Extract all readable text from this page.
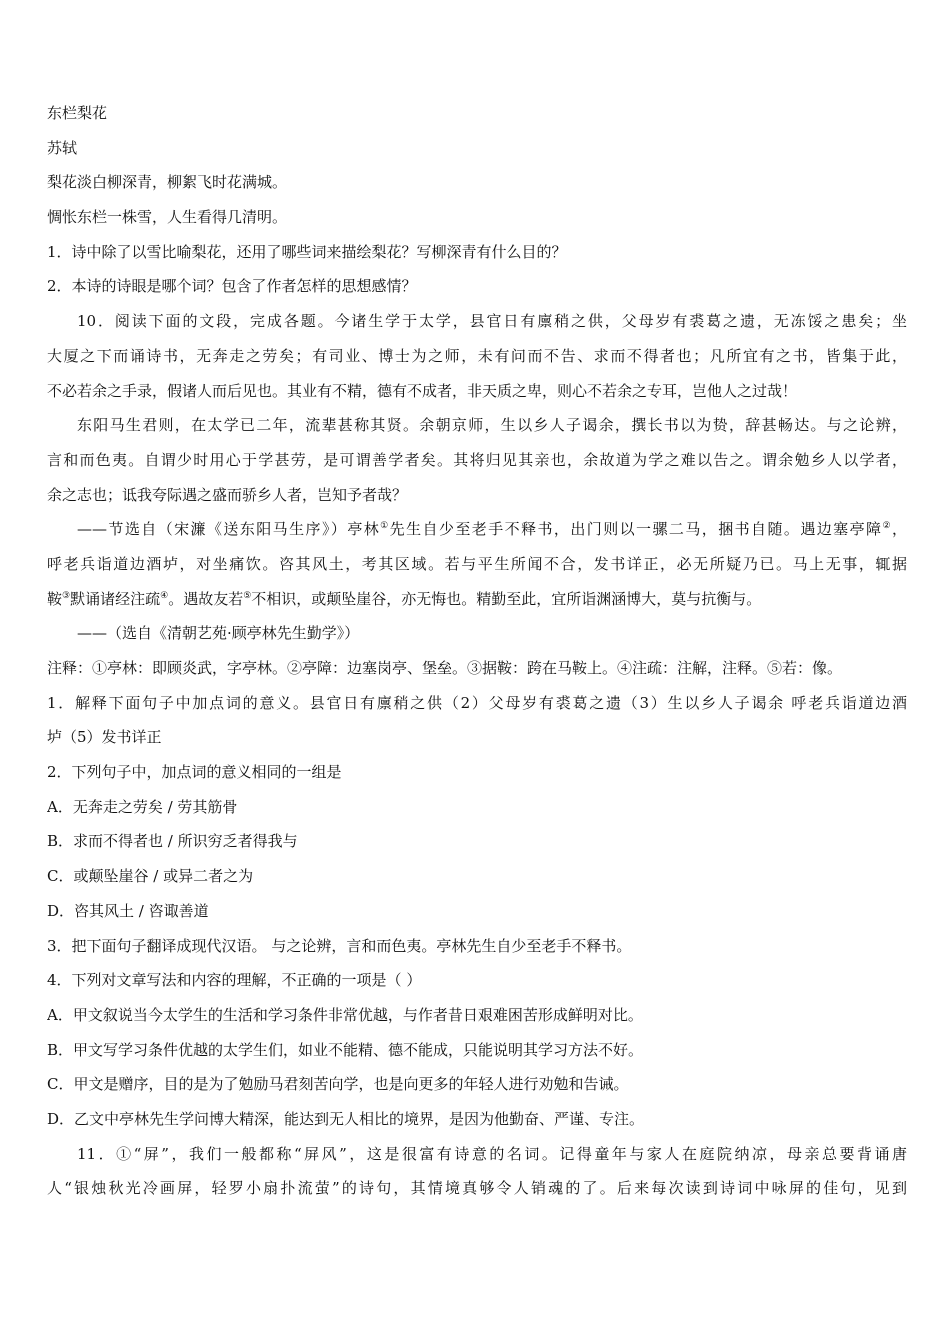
东栏梨花
苏轼
梨花淡白柳深青，柳絮飞时花满城。
惆怅东栏一株雪，人生看得几清明。
1．诗中除了以雪比喻梨花，还用了哪些词来描绘梨花？写柳深青有什么目的？
2．本诗的诗眼是哪个词？包含了作者怎样的思想感情？
10．阅读下面的文段，完成各题。今诸生学于太学，县官日有廪稍之供，父母岁有裘葛之遗，无冻馁之患矣；坐
大厦之下而诵诗书，无奔走之劳矣；有司业、博士为之师，未有问而不告、求而不得者也；凡所宜有之书，皆集于此，
不必若余之手录，假诸人而后见也。其业有不精，德有不成者，非天质之卑，则心不若余之专耳，岂他人之过哉！
东阳马生君则，在太学已二年，流辈甚称其贤。余朝京师，生以乡人子谒余，撰长书以为贽，辞甚畅达。与之论辨，
言和而色夷。自谓少时用心于学甚劳，是可谓善学者矣。其将归见其亲也，余故道为学之难以告之。谓余勉乡人以学者，
余之志也；诋我夸际遇之盛而骄乡人者，岂知予者哉？
——节选自（宋濂《送东阳马生序》）亭林①先生自少至老手不释书，出门则以一骡二马，捆书自随。遇边塞亭障②，
呼老兵诣道边酒垆，对坐痛饮。咨其风土，考其区域。若与平生所闻不合，发书详正，必无所疑乃已。马上无事，辄据
鞍③默诵诸经注疏④。遇故友若⑤不相识，或颠坠崖谷，亦无悔也。精勤至此，宜所诣渊涵博大，莫与抗衡与。
——（选自《清朝艺苑·顾亭林先生勤学》）
注释：①亭林：即顾炎武，字亭林。②亭障：边塞岗亭、堡垒。③据鞍：跨在马鞍上。④注疏：注解，注释。⑤若：像。
1．解释下面句子中加点词的意义。县官日有廪稍之供（2）父母岁有裘葛之遗（3）生以乡人子谒余 呼老兵诣道边酒
垆（5）发书详正
2．下列句子中，加点词的意义相同的一组是
A．无奔走之劳矣 / 劳其筋骨
B．求而不得者也 / 所识穷乏者得我与
C．或颠坠崖谷 / 或异二者之为
D．咨其风土 / 咨诹善道
3．把下面句子翻译成现代汉语。 与之论辨，言和而色夷。亭林先生自少至老手不释书。
4．下列对文章写法和内容的理解，不正确的一项是（ ）
A．甲文叙说当今太学生的生活和学习条件非常优越，与作者昔日艰难困苦形成鲜明对比。
B．甲文写学习条件优越的太学生们，如业不能精、德不能成，只能说明其学习方法不好。
C．甲文是赠序，目的是为了勉励马君刻苦向学，也是向更多的年轻人进行劝勉和告诫。
D．乙文中亭林先生学问博大精深，能达到无人相比的境界，是因为他勤奋、严谨、专注。
11．①“屏”，我们一般都称“屏风”，这是很富有诗意的名词。记得童年与家人在庭院纳凉，母亲总要背诵唐
人“银烛秋光冷画屏，轻罗小扇扑流萤”的诗句，其情境真够令人销魂的了。后来每次读到诗词中咏屏的佳句，见到
